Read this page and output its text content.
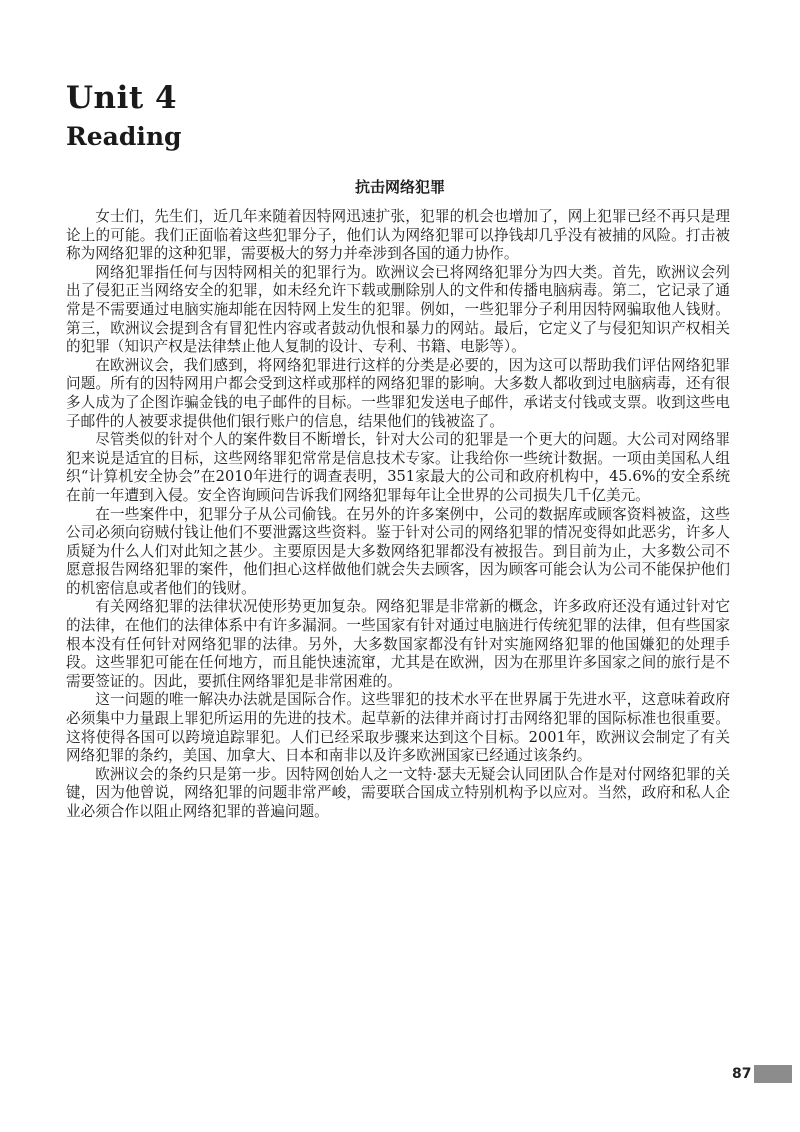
Unit 4
Reading
抗击网络犯罪

女士们，先生们，近几年来随着因特网迅速扩张，犯罪的机会也增加了，网上犯罪已经不再只是理论上的可能。我们正面临着这些犯罪分子，他们认为网络犯罪可以挣钱却几乎没有被捕的风险。打击被称为网络犯罪的这种犯罪，需要极大的努力并牵涉到各国的通力协作。

网络犯罪指任何与因特网相关的犯罪行为。欧洲议会已将网络犯罪分为四大类。首先，欧洲议会列出了侵犯正当网络安全的犯罪，如未经允许下载或删除别人的文件和传播电脑病毒。第二，它记录了通常是不需要通过电脑实施却能在因特网上发生的犯罪。例如，一些犯罪分子利用因特网骗取他人钱财。第三，欧洲议会提到含有冒犯性内容或者鼓动仇恨和暴力的网站。最后，它定义了与侵犯知识产权相关的犯罪（知识产权是法律禁止他人复制的设计、专利、书籍、电影等）。

在欧洲议会，我们感到，将网络犯罪进行这样的分类是必要的，因为这可以帮助我们评估网络犯罪问题。所有的因特网用户都会受到这样或那样的网络犯罪的影响。大多数人都收到过电脑病毒，还有很多人成为了企图诈骗金钱的电子邮件的目标。一些罪犯发送电子邮件，承诺支付钱或支票。收到这些电子邮件的人被要求提供他们银行账户的信息，结果他们的钱被盗了。

尽管类似的针对个人的案件数目不断增长，针对大公司的犯罪是一个更大的问题。大公司对网络罪犯来说是适宜的目标，这些网络罪犯常常是信息技术专家。让我给你一些统计数据。一项由美国私人组织“计算机安全协会”在2010年进行的调查表明，351家最大的公司和政府机构中，45.6%的安全系统在前一年遭到入侵。安全咨询顾问告诉我们网络犯罪每年让全世界的公司损失几千亿美元。

在一些案件中，犯罪分子从公司偷钱。在另外的许多案例中，公司的数据库或顾客资料被盗，这些公司必须向窃贼付钱让他们不要泄露这些资料。鉴于针对公司的网络犯罪的情况变得如此恶劣，许多人质疑为什么人们对此知之甚少。主要原因是大多数网络犯罪都没有被报告。到目前为止，大多数公司不愿意报告网络犯罪的案件，他们担心这样做他们就会失去顾客，因为顾客可能会认为公司不能保护他们的机密信息或者他们的钱财。

有关网络犯罪的法律状况使形势更加复杂。网络犯罪是非常新的概念，许多政府还没有通过针对它的法律，在他们的法律体系中有许多漏洞。一些国家有针对通过电脑进行传统犯罪的法律，但有些国家根本没有任何针对网络犯罪的法律。另外，大多数国家都没有针对实施网络犯罪的他国嫌犯的处理手段。这些罪犯可能在任何地方，而且能快速流窜，尤其是在欧洲，因为在那里许多国家之间的旅行是不需要签证的。因此，要抓住网络罪犯是非常困难的。

这一问题的唯一解决办法就是国际合作。这些罪犯的技术水平在世界属于先进水平，这意味着政府必须集中力量跟上罪犯所运用的先进的技术。起草新的法律并商讨打击网络犯罪的国际标准也很重要。这将使得各国可以跨境追踪罪犯。人们已经采取步骤来达到这个目标。2001年，欧洲议会制定了有关网络犯罪的条约，美国、加拿大、日本和南非以及许多欧洲国家已经通过该条约。

欧洲议会的条约只是第一步。因特网创始人之一文特·瑟夫无疑会认同团队合作是对付网络犯罪的关键，因为他曾说，网络犯罪的问题非常严峻，需要联合国成立特别机构予以应对。当然，政府和私人企业必须合作以阻止网络犯罪的普遍问题。

87
